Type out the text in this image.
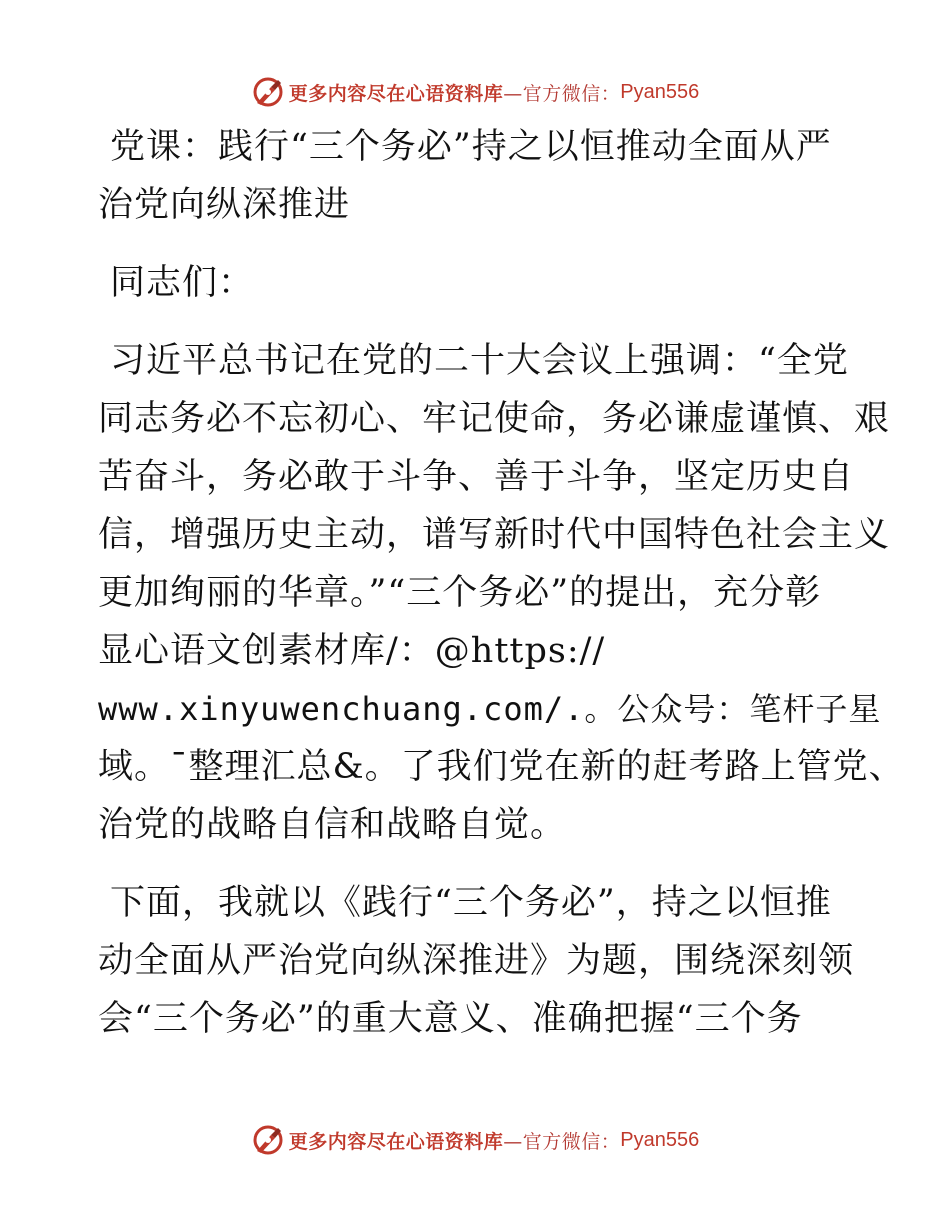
更多内容尽在心语资料库 —官方微信： Pyan556
党课：践行“三个务必”持之以恒推动全面从严
治党向纵深推进
同志们：
习近平总书记在党的二十大会议上强调：“全党
同志务必不忘初心、牢记使命，务必谦虚谨慎、艰
苦奋斗，务必敢于斗争、善于斗争，坚定历史自
信，增强历史主动，谱写新时代中国特色社会主义
更加绚丽的华章。”“三个务必”的提出，充分彰
显心语文创素材库/：@https://
www.xinyuwenchuang.com/.。公众号：笔杆子星
域。¯整理汇总&。了我们党在新的赶考路上管党、
治党的战略自信和战略自觉。
下面，我就以《践行“三个务必”，持之以恒推
动全面从严治党向纵深推进》为题，围绕深刻领
会“三个务必”的重大意义、准确把握“三个务
更多内容尽在心语资料库 —官方微信： Pyan556
